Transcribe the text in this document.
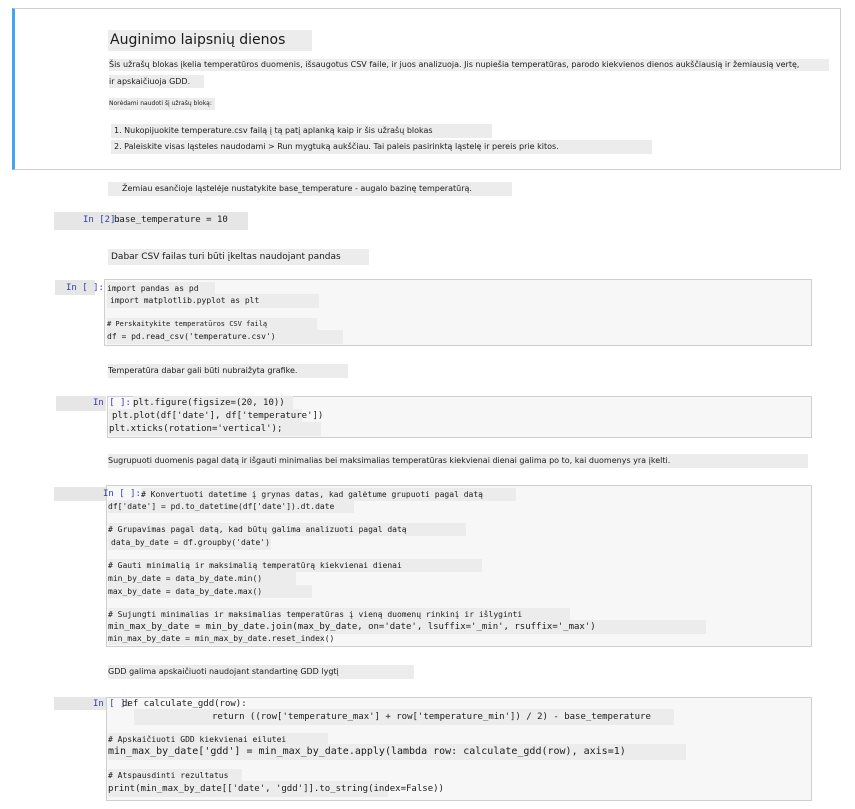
Auginimo laipsnių dienos
Šis užrašų blokas įkelia temperatūros duomenis, išsaugotus CSV faile, ir juos analizuoja. Jis nupiešia temperatūras, parodo kiekvienos dienos aukščiausią ir žemiausią vertę,
ir apskaičiuoja GDD.
Norėdami naudoti šį užrašų bloką:
1. Nukopijuokite temperature.csv failą į tą patį aplanką kaip ir šis užrašų blokas
2. Paleiskite visas ląsteles naudodami > Run mygtuką aukščiau. Tai paleis pasirinktą ląstelę ir pereis prie kitos.
Žemiau esančioje ląstelėje nustatykite base_temperature - augalo bazinę temperatūrą.
In [2]:
base_temperature = 10
Dabar CSV failas turi būti įkeltas naudojant pandas
In [ ]: import pandas as pd
import matplotlib.pyplot as plt
# Perskaitykite temperatūros CSV failą
df = pd.read_csv('temperature.csv')
Temperatūra dabar gali būti nubraižyta grafike.
In [ ]: plt.figure(figsize=(20, 10))
plt.plot(df['date'], df['temperature'])
plt.xticks(rotation='vertical');
Sugrupuoti duomenis pagal datą ir išgauti minimalias bei maksimalias temperatūras kiekvienai dienai galima po to, kai duomenys yra įkelti.
In [ ]: # Konvertuoti datetime į grynas datas, kad galėtume grupuoti pagal datą
df['date'] = pd.to_datetime(df['date']).dt.date
# Grupavimas pagal datą, kad būtų galima analizuoti pagal datą
data_by_date = df.groupby('date')
# Gauti minimalią ir maksimalią temperatūrą kiekvienai dienai
min_by_date = data_by_date.min()
max_by_date = data_by_date.max()
# Sujungti minimalias ir maksimalias temperatūras į vieną duomenų rinkinį ir išlyginti
min_max_by_date = min_by_date.join(max_by_date, on='date', lsuffix='_min', rsuffix='_max')
min_max_by_date = min_max_by_date.reset_index()
GDD galima apskaičiuoti naudojant standartinę GDD lygtį
In [ ]:
def calculate_gdd(row):
return ((row['temperature_max'] + row['temperature_min']) / 2) - base_temperature
# Apskaičiuoti GDD kiekvienai eilutei
min_max_by_date['gdd'] = min_max_by_date.apply(lambda row: calculate_gdd(row), axis=1)
# Atspausdinti rezultatus
print(min_max_by_date[['date', 'gdd']].to_string(index=False))
